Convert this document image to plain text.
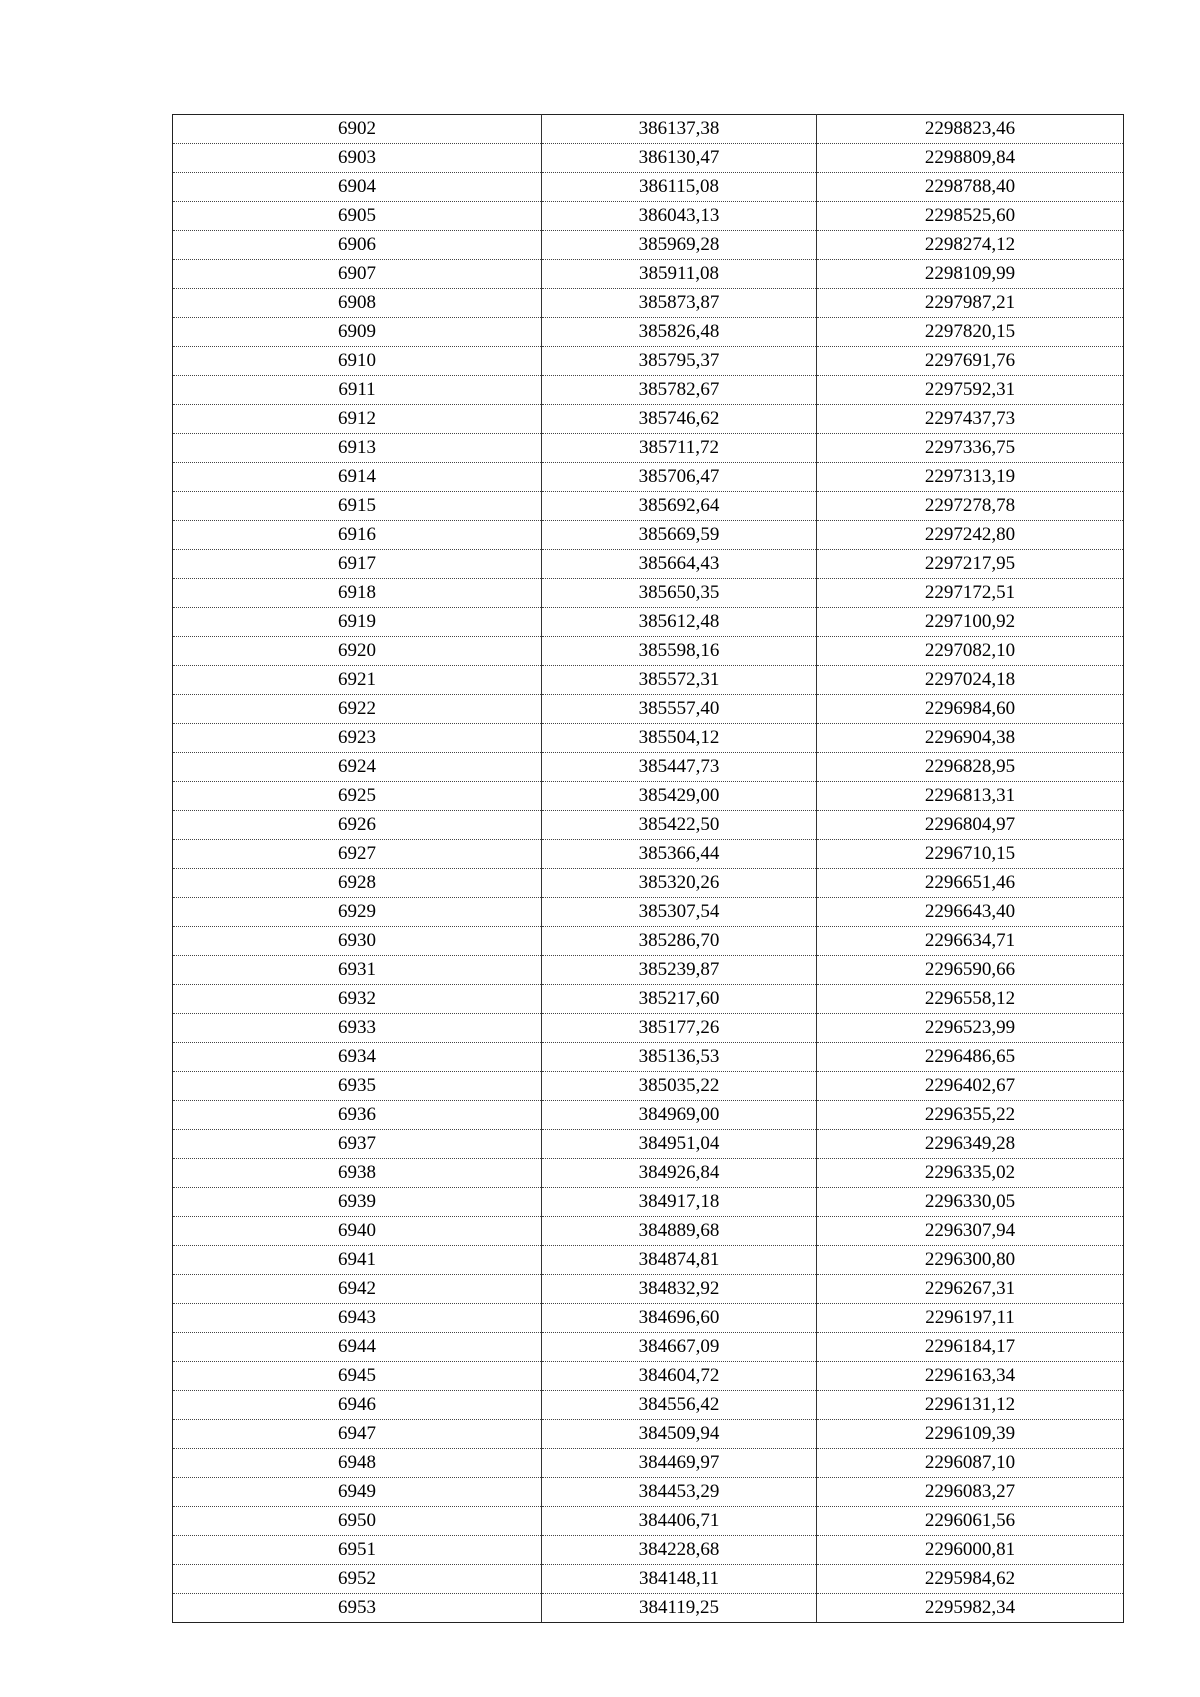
6902	386137,38	2298823,46
6903	386130,47	2298809,84
6904	386115,08	2298788,40
6905	386043,13	2298525,60
6906	385969,28	2298274,12
6907	385911,08	2298109,99
6908	385873,87	2297987,21
6909	385826,48	2297820,15
6910	385795,37	2297691,76
6911	385782,67	2297592,31
6912	385746,62	2297437,73
6913	385711,72	2297336,75
6914	385706,47	2297313,19
6915	385692,64	2297278,78
6916	385669,59	2297242,80
6917	385664,43	2297217,95
6918	385650,35	2297172,51
6919	385612,48	2297100,92
6920	385598,16	2297082,10
6921	385572,31	2297024,18
6922	385557,40	2296984,60
6923	385504,12	2296904,38
6924	385447,73	2296828,95
6925	385429,00	2296813,31
6926	385422,50	2296804,97
6927	385366,44	2296710,15
6928	385320,26	2296651,46
6929	385307,54	2296643,40
6930	385286,70	2296634,71
6931	385239,87	2296590,66
6932	385217,60	2296558,12
6933	385177,26	2296523,99
6934	385136,53	2296486,65
6935	385035,22	2296402,67
6936	384969,00	2296355,22
6937	384951,04	2296349,28
6938	384926,84	2296335,02
6939	384917,18	2296330,05
6940	384889,68	2296307,94
6941	384874,81	2296300,80
6942	384832,92	2296267,31
6943	384696,60	2296197,11
6944	384667,09	2296184,17
6945	384604,72	2296163,34
6946	384556,42	2296131,12
6947	384509,94	2296109,39
6948	384469,97	2296087,10
6949	384453,29	2296083,27
6950	384406,71	2296061,56
6951	384228,68	2296000,81
6952	384148,11	2295984,62
6953	384119,25	2295982,34
